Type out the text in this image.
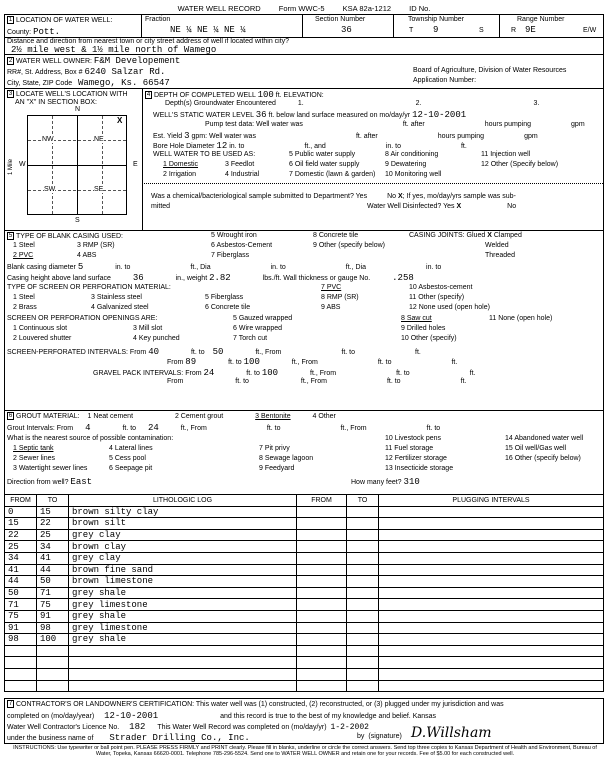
WATER WELL RECORD Form WWC-5 KSA 82a-1212 ID No.
1 LOCATION OF WATER WELL:
County: Pott.
Fraction
NE ¼ NE ¼ NE ¼
Section Number
36
Township Number
T 9	S
Range Number
R 9E	E/W
Distance and direction from nearest town or city street address of well if located within city?
2½ mile west & 1½ mile north of Wamego
2 WATER WELL OWNER: F&M Developement
RR#, St. Address, Box # 6240 Salzar Rd.
City, State, ZIP Code Wamego, Ks. 66547
Board of Agriculture, Division of Water Resources
Application Number:
3 LOCATE WELL'S LOCATION WITH
AN "X" IN SECTION BOX:
NW	NE
SW	SE
X
N
S
E
W
1 Mile
4 DEPTH OF COMPLETED WELL 100 ft. ELEVATION:
Depth(s) Groundwater Encountered	1.	2.	3.
WELL'S STATIC WATER LEVEL 36 ft. below land surface measured on mo/day/yr 12-10-2001
Pump test data: Well water was	ft. after	hours pumping	gpm
Est. Yield 3 gpm: Well water was	ft. after	hours pumping	gpm
Bore Hole Diameter 12 in. to	ft., and	in. to	ft.
WELL WATER TO BE USED AS:	5 Public water supply	8 Air conditioning	11 Injection well
1 Domestic	3 Feedlot	6 Oil field water supply	9 Dewatering	12 Other (Specify below)
2 Irrigation	4 Industrial	7 Domestic (lawn & garden) 10 Monitoring well
Was a chemical/bacteriological sample submitted to Department? Yes	No X; If yes, mo/day/yrs sample was sub-
mitted	Water Well Disinfected? Yes X	No
5 TYPE OF BLANK CASING USED:	5 Wrought iron	8 Concrete tile	CASING JOINTS: Glued X Clamped
1 Steel	3 RMP (SR)	6 Asbestos-Cement	9 Other (specify below)	Welded
2 PVC	4 ABS	7 Fiberglass	Threaded
Blank casing diameter 5	in. to	ft., Dia	in. to	ft., Dia	in. to
Casing height above land surface 36	in., weight 2.82	lbs./ft. Wall thickness or gauge No. .258
TYPE OF SCREEN OR PERFORATION MATERIAL:	7 PVC	10 Asbestos-cement
1 Steel	3 Stainless steel	5 Fiberglass	8 RMP (SR)	11 Other (specify)
2 Brass	4 Galvanized steel	6 Concrete tile	9 ABS	12 None used (open hole)
SCREEN OR PERFORATION OPENINGS ARE:	5 Gauzed wrapped	8 Saw cut	11 None (open hole)
1 Continuous slot	3 Mill slot	6 Wire wrapped	9 Drilled holes
2 Louvered shutter	4 Key punched	7 Torch cut	10 Other (specify)
SCREEN-PERFORATED INTERVALS: From 40	ft. to 50	ft., From	ft. to	ft.
From 89	ft. to 100	ft., From	ft. to	ft.
GRAVEL PACK INTERVALS: From 24	ft. to 100	ft., From	ft. to	ft.
From	ft. to	ft., From	ft. to	ft.
6 GROUT MATERIAL: 1 Neat cement	2 Cement grout	3 Bentonite	4 Other
Grout Intervals: From 4	ft. to 24	ft., From	ft. to	ft., From	ft. to
What is the nearest source of possible contamination:	10 Livestock pens	14 Abandoned water well
1 Septic tank	4 Lateral lines	7 Pit privy	11 Fuel storage	15 Oil well/Gas well
2 Sewer lines	5 Cess pool	8 Sewage lagoon	12 Fertilizer storage	16 Other (specify below)
3 Watertight sewer lines	6 Seepage pit	9 Feedyard	13 Insecticide storage
Direction from well? East	How many feet? 310
FROM	TO	LITHOLOGIC LOG	FROM	TO	PLUGGING INTERVALS
0	15	brown silty clay			
15	22	brown silt			
22	25	grey clay			
25	34	brown clay			
34	41	grey clay			
41	44	brown fine sand			
44	50	brown limestone			
50	71	grey shale			
71	75	grey limestone			
75	91	grey shale			
91	98	grey limestone			
98	100	grey shale			

7 CONTRACTOR'S OR LANDOWNER'S CERTIFICATION: This water well was (1) constructed, (2) reconstructed, or (3) plugged under my jurisdiction and was
completed on (mo/day/year) 12-10-2001	and this record is true to the best of my knowledge and belief. Kansas
Water Well Contractor's Licence No. 182 This Water Well Record was completed on (mo/day/yr) 1-2-2002
under the business name of Strader Drilling Co., Inc.	by (signature) D.Willsham
INSTRUCTIONS: Use typewriter or ball point pen. PLEASE PRESS FIRMLY and PRINT clearly. Please fill in blanks, underline or circle the correct answers. Send top three copies to Kansas Department of Health and Environment, Bureau of Water, Topeka, Kansas 66620-0001. Telephone 785-296-5524. Send one to WATER WELL OWNER and retain one for your records. Fee of $5.00 for each constructed well.
